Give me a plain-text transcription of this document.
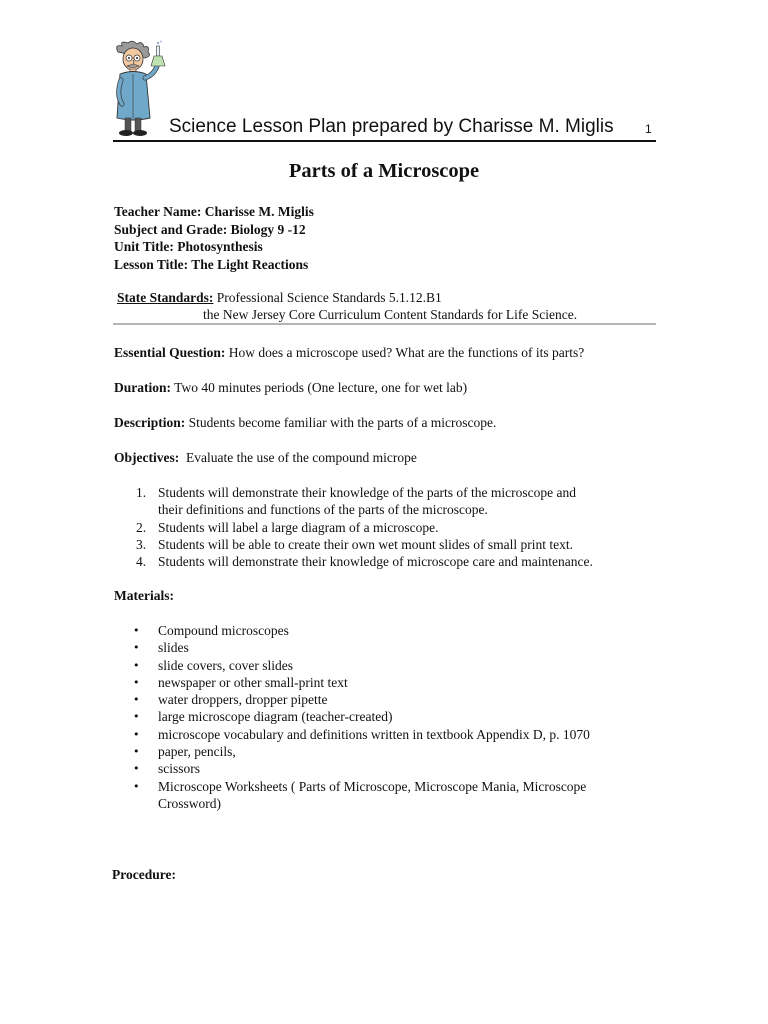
Science Lesson Plan prepared by Charisse M. Miglis	1
Parts of a Microscope
Teacher Name: Charisse M. Miglis
Subject and Grade: Biology 9 -12
Unit Title: Photosynthesis
Lesson Title: The Light Reactions
State Standards: Professional Science Standards 5.1.12.B1
the New Jersey Core Curriculum Content Standards for Life Science.
Essential Question: How does a microscope used? What are the functions of its parts?
Duration: Two 40 minutes periods (One lecture, one for wet lab)
Description: Students become familiar with the parts of a microscope.
Objectives: Evaluate the use of the compound micrope
1. Students will demonstrate their knowledge of the parts of the microscope and
their definitions and functions of the parts of the microscope.
2. Students will label a large diagram of a microscope.
3. Students will be able to create their own wet mount slides of small print text.
4. Students will demonstrate their knowledge of microscope care and maintenance.
Materials:
• Compound microscopes
• slides
• slide covers, cover slides
• newspaper or other small-print text
• water droppers, dropper pipette
• large microscope diagram (teacher-created)
• microscope vocabulary and definitions written in textbook Appendix D, p. 1070
• paper, pencils,
• scissors
• Microscope Worksheets ( Parts of Microscope, Microscope Mania, Microscope
Crossword)
Procedure:
